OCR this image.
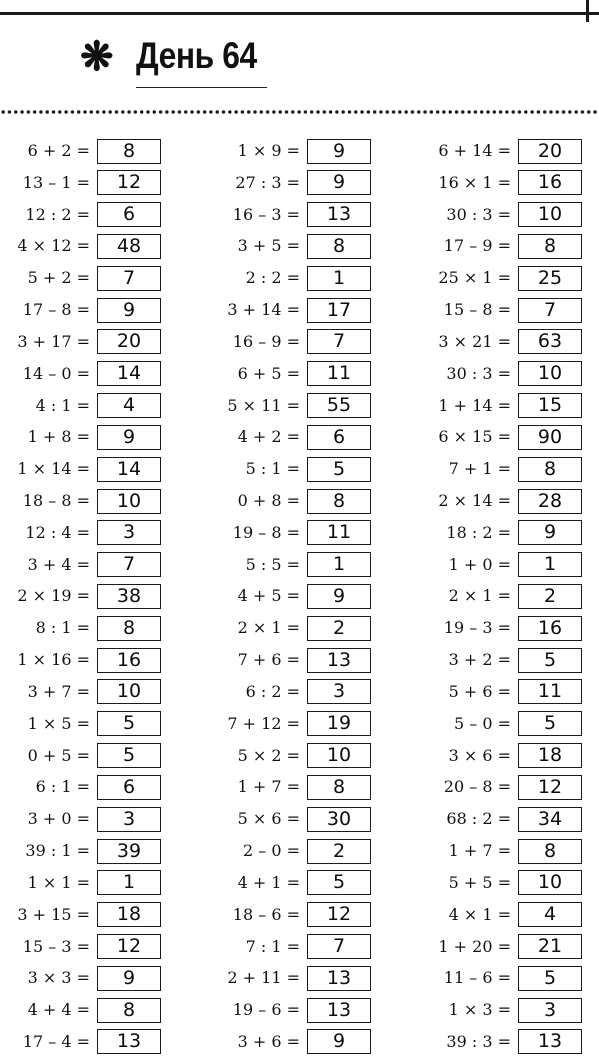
❋ День 64
6 + 2 =	8
13 – 1 =	12
12 : 2 =	6
4 × 12 =	48
5 + 2 =	7
17 – 8 =	9
3 + 17 =	20
14 – 0 =	14
4 : 1 =	4
1 + 8 =	9
1 × 14 =	14
18 – 8 =	10
12 : 4 =	3
3 + 4 =	7
2 × 19 =	38
8 : 1 =	8
1 × 16 =	16
3 + 7 =	10
1 × 5 =	5
0 + 5 =	5
6 : 1 =	6
3 + 0 =	3
39 : 1 =	39
1 × 1 =	1
3 + 15 =	18
15 – 3 =	12
3 × 3 =	9
4 + 4 =	8
17 – 4 =	13
1 × 9 =	9
27 : 3 =	9
16 – 3 =	13
3 + 5 =	8
2 : 2 =	1
3 + 14 =	17
16 – 9 =	7
6 + 5 =	11
5 × 11 =	55
4 + 2 =	6
5 : 1 =	5
0 + 8 =	8
19 – 8 =	11
5 : 5 =	1
4 + 5 =	9
2 × 1 =	2
7 + 6 =	13
6 : 2 =	3
7 + 12 =	19
5 × 2 =	10
1 + 7 =	8
5 × 6 =	30
2 – 0 =	2
4 + 1 =	5
18 – 6 =	12
7 : 1 =	7
2 + 11 =	13
19 – 6 =	13
3 + 6 =	9
6 + 14 =	20
16 × 1 =	16
30 : 3 =	10
17 – 9 =	8
25 × 1 =	25
15 – 8 =	7
3 × 21 =	63
30 : 3 =	10
1 + 14 =	15
6 × 15 =	90
7 + 1 =	8
2 × 14 =	28
18 : 2 =	9
1 + 0 =	1
2 × 1 =	2
19 – 3 =	16
3 + 2 =	5
5 + 6 =	11
5 – 0 =	5
3 × 6 =	18
20 – 8 =	12
68 : 2 =	34
1 + 7 =	8
5 + 5 =	10
4 × 1 =	4
1 + 20 =	21
11 – 6 =	5
1 × 3 =	3
39 : 3 =	13
